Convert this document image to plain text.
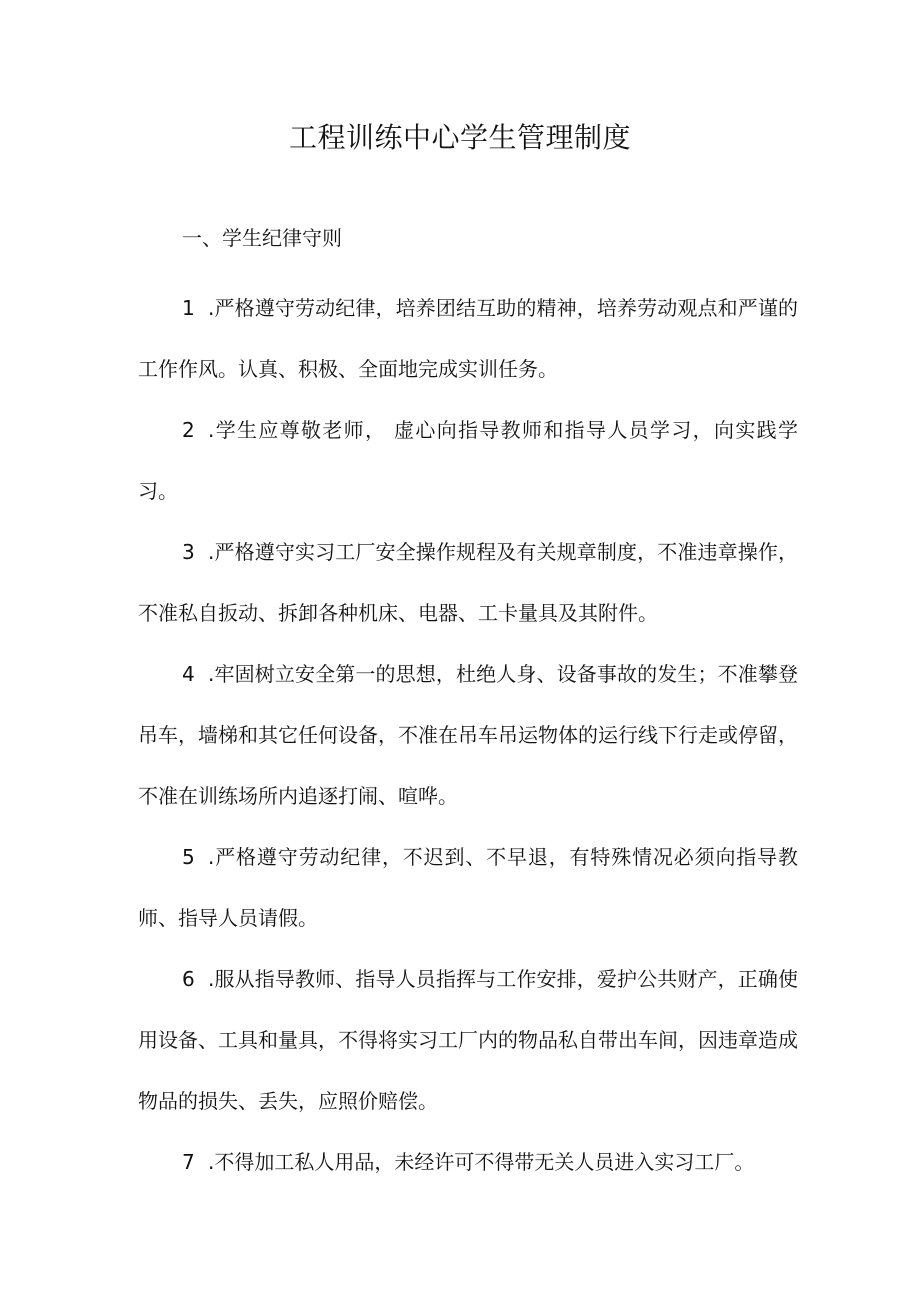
工程训练中心学生管理制度
一、学生纪律守则

1 .严格遵守劳动纪律，培养团结互助的精神，培养劳动观点和严谨的工作作风。认真、积极、全面地完成实训任务。

2 .学生应尊敬老师， 虚心向指导教师和指导人员学习，向实践学习。

3 .严格遵守实习工厂安全操作规程及有关规章制度，不准违章操作，不准私自扳动、拆卸各种机床、电器、工卡量具及其附件。

4 .牢固树立安全第一的思想，杜绝人身、设备事故的发生；不准攀登吊车，墙梯和其它任何设备，不准在吊车吊运物体的运行线下行走或停留，不准在训练场所内追逐打闹、喧哗。

5 .严格遵守劳动纪律，不迟到、不早退，有特殊情况必须向指导教师、指导人员请假。

6 .服从指导教师、指导人员指挥与工作安排，爱护公共财产，正确使用设备、工具和量具，不得将实习工厂内的物品私自带出车间，因违章造成物品的损失、丢失，应照价赔偿。

7 .不得加工私人用品，未经许可不得带无关人员进入实习工厂。
